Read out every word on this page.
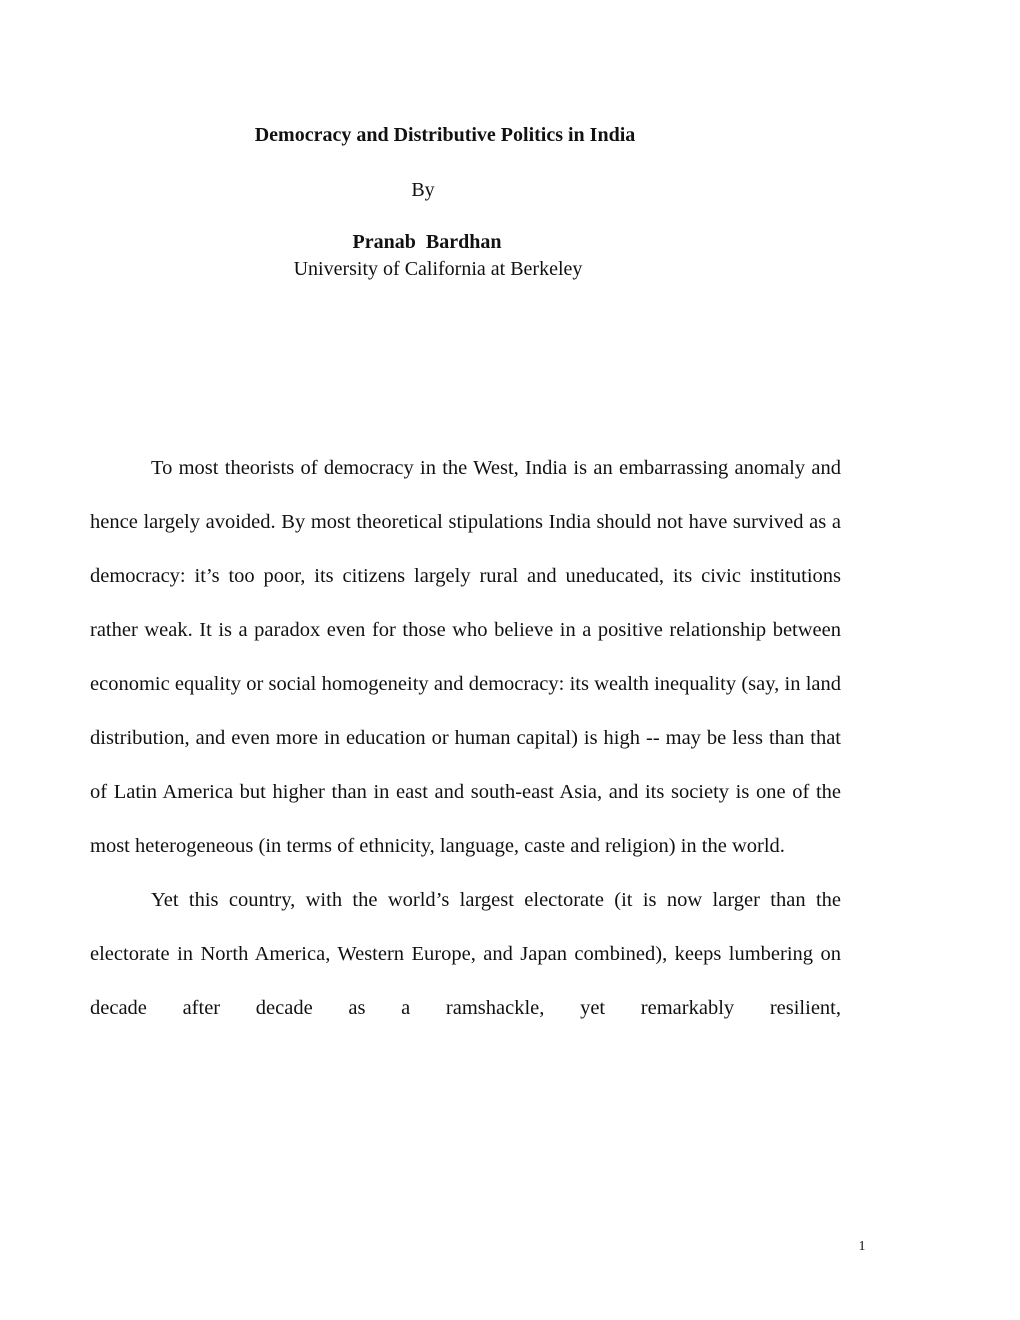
Democracy and Distributive Politics in India
By
Pranab  Bardhan
University of California at Berkeley

To most theorists of democracy in the West, India is an embarrassing anomaly and hence largely avoided. By most theoretical stipulations India should not have survived as a democracy: it’s too poor, its citizens largely rural and uneducated, its civic institutions rather weak. It is a paradox even for those who believe in a positive relationship between economic equality or social homogeneity and democracy: its wealth inequality (say, in land distribution, and even more in education or human capital) is high -- may be less than that of Latin America but higher than in east and south-east Asia, and its society is one of the most heterogeneous (in terms of ethnicity, language, caste and religion) in the world.

Yet this country, with the world’s largest electorate (it is now larger than the electorate in North America, Western Europe, and Japan combined), keeps lumbering on decade after decade as a ramshackle, yet remarkably resilient,

1
